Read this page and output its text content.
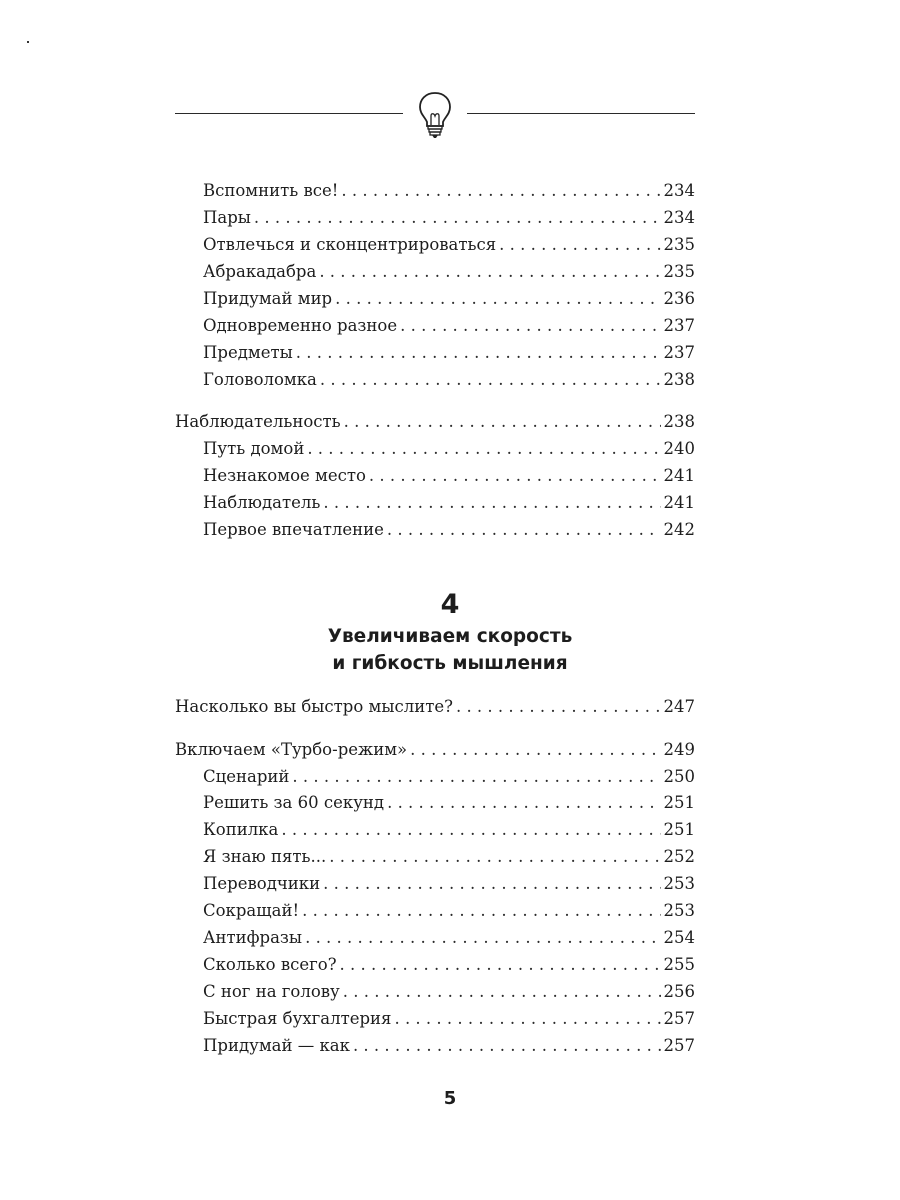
Вспомнить все! . . .	234
Пары . . .	234
Отвлечься и сконцентрироваться . . .	235
Абракадабра . . .	235
Придумай мир . . .	236
Одновременно разное . . .	237
Предметы . . .	237
Головоломка . . .	238
Наблюдательность . . .	238
Путь домой . . .	240
Незнакомое место . . .	241
Наблюдатель . . .	241
Первое впечатление . . .	242
4
Увеличиваем скорость
и гибкость мышления
Насколько вы быстро мыслите? . . .	247
Включаем «Турбо-режим» . . .	249
Сценарий . . .	250
Решить за 60 секунд . . .	251
Копилка . . .	251
Я знаю пять... . . .	252
Переводчики . . .	253
Сокращай! . . .	253
Антифразы . . .	254
Сколько всего? . . .	255
С ног на голову . . .	256
Быстрая бухгалтерия . . .	257
Придумай — как . . .	257
5
